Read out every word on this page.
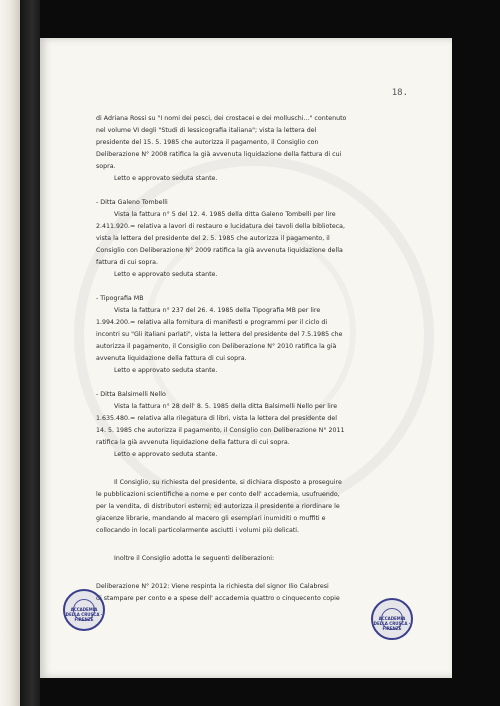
18.
di Adriana Rossi su "I nomi dei pesci, dei crostacei e dei molluschi..." contenuto
nel volume VI degli "Studi di lessicografia italiana"; vista la lettera del
presidente del 15. 5. 1985 che autorizza il pagamento, il Consiglio con
Deliberazione N° 2008 ratifica la già avvenuta liquidazione della fattura di cui
sopra.
Letto e approvato seduta stante.
- Ditta Galeno Tombelli
Vista la fattura n° 5 del 12. 4. 1985 della ditta Galeno Tombelli per lire
2.411.920.= relativa a lavori di restauro e lucidatura dei tavoli della biblioteca,
vista la lettera del presidente del 2. 5. 1985 che autorizza il pagamento, il
Consiglio con Deliberazione N° 2009 ratifica la già avvenuta liquidazione della
fattura di cui sopra.
Letto e approvato seduta stante.
- Tipografia MB
Vista la fattura n° 237 del 26. 4. 1985 della Tipografia MB per lire
1.994.200.= relativa alla fornitura di manifesti e programmi per il ciclo di
incontri su "Gli italiani parlati", vista la lettera del presidente del 7.5.1985 che
autorizza il pagamento, il Consiglio con Deliberazione N° 2010 ratifica la già
avvenuta liquidazione della fattura di cui sopra.
Letto e approvato seduta stante.
- Ditta Balsimelli Nello
Vista la fattura n° 28 dell' 8. 5. 1985 della ditta Balsimelli Nello per lire
1.635.480.= relativa alla rilegatura di libri, vista la lettera del presidente del
14. 5. 1985 che autorizza il pagamento, il Consiglio con Deliberazione N° 2011
ratifica la già avvenuta liquidazione della fattura di cui sopra.
Letto e approvato seduta stante.
Il Consiglio, su richiesta del presidente, si dichiara disposto a proseguire
le pubblicazioni scientifiche a nome e per conto dell' accademia, usufruendo,
per la vendita, di distributori esterni; ed autorizza il presidente a riordinare le
giacenze librarie, mandando al macero gli esemplari inumiditi o muffiti e
collocando in locali particolarmente asciutti i volumi più delicati.
Inoltre il Consiglio adotta le seguenti deliberazioni:
Deliberazione N° 2012: Viene respinta la richiesta del signor Ilio Calabresi
di stampare per conto e a spese dell' accademia quattro o cinquecento copie
ACCADEMIA DELLA CRUSCA · FIRENZE	ACCADEMIA DELLA CRUSCA · FIRENZE
